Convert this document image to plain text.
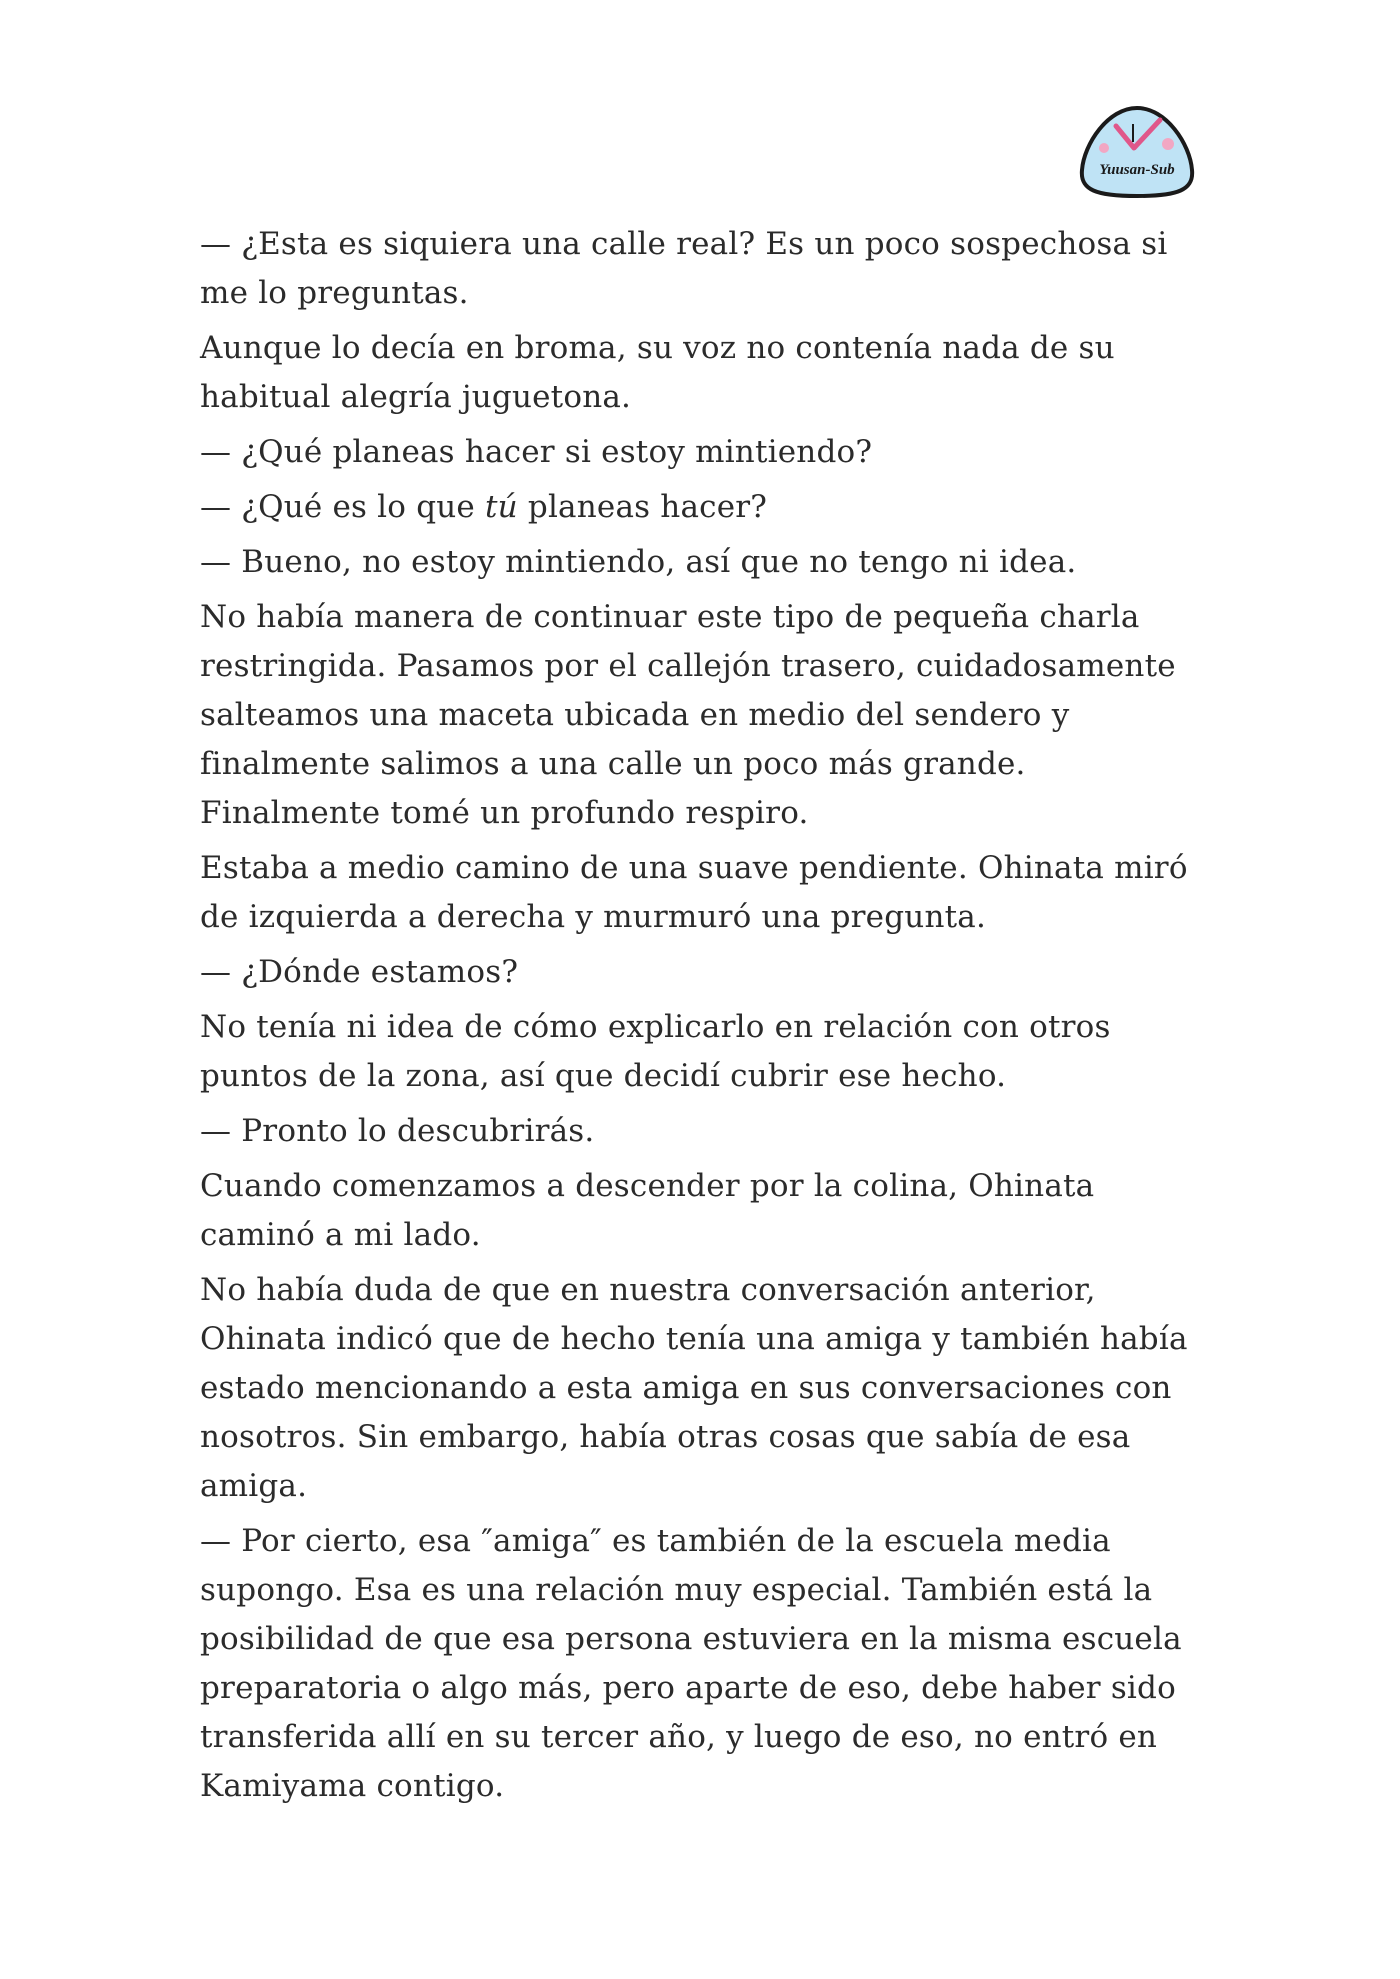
Yuusan-Sub

— ¿Esta es siquiera una calle real? Es un poco sospechosa si me lo preguntas.

Aunque lo decía en broma, su voz no contenía nada de su habitual alegría juguetona.

— ¿Qué planeas hacer si estoy mintiendo?

— ¿Qué es lo que tú planeas hacer?

— Bueno, no estoy mintiendo, así que no tengo ni idea.

No había manera de continuar este tipo de pequeña charla restringida. Pasamos por el callejón trasero, cuidadosamente salteamos una maceta ubicada en medio del sendero y finalmente salimos a una calle un poco más grande. Finalmente tomé un profundo respiro.

Estaba a medio camino de una suave pendiente. Ohinata miró de izquierda a derecha y murmuró una pregunta.

— ¿Dónde estamos?

No tenía ni idea de cómo explicarlo en relación con otros puntos de la zona, así que decidí cubrir ese hecho.

— Pronto lo descubrirás.

Cuando comenzamos a descender por la colina, Ohinata caminó a mi lado.

No había duda de que en nuestra conversación anterior, Ohinata indicó que de hecho tenía una amiga y también había estado mencionando a esta amiga en sus conversaciones con nosotros. Sin embargo, había otras cosas que sabía de esa amiga.

— Por cierto, esa ″amiga″ es también de la escuela media supongo. Esa es una relación muy especial. También está la posibilidad de que esa persona estuviera en la misma escuela preparatoria o algo más, pero aparte de eso, debe haber sido transferida allí en su tercer año, y luego de eso, no entró en Kamiyama contigo.
